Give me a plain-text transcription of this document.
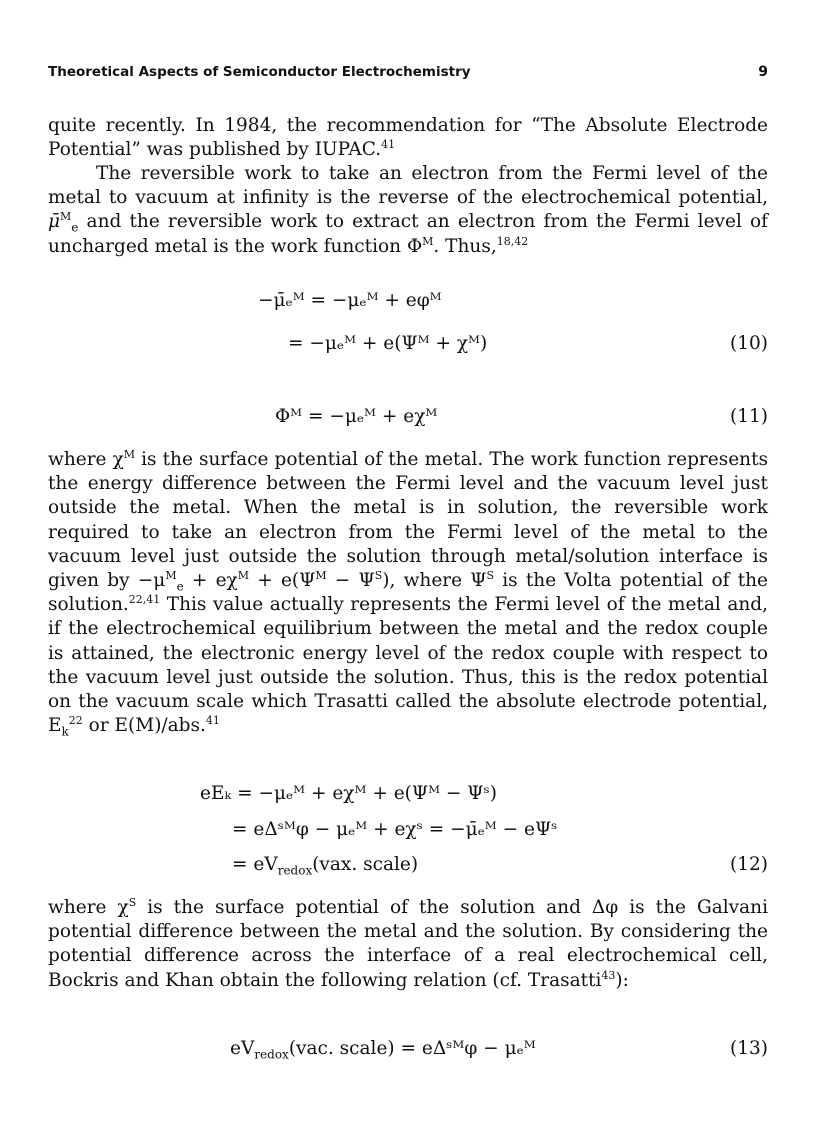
Theoretical Aspects of Semiconductor Electrochemistry	9
quite recently. In 1984, the recommendation for “The Absolute Electrode Potential” was published by IUPAC.$^{41}$
The reversible work to take an electron from the Fermi level of the metal to vacuum at infinity is the reverse of the electrochemical potential, μ̄$^M_e$ and the reversible work to extract an electron from the Fermi level of uncharged metal is the work function $\Phi^M$. Thus,$^{18,42}$
−μ̄ₑᴹ = −μₑᴹ + eφᴹ
= −μₑᴹ + e(Ψᴹ + χᴹ)	(10)
Φᴹ = −μₑᴹ + eχᴹ	(11)
where $\chi^M$ is the surface potential of the metal. The work function represents the energy difference between the Fermi level and the vacuum level just outside the metal. When the metal is in solution, the reversible work required to take an electron from the Fermi level of the metal to the vacuum level just outside the solution through metal/solution interface is given by $-\mu^M_e + e\chi^M + e(\Psi^M - \Psi^S)$, where $\Psi^S$ is the Volta potential of the solution.$^{22,41}$ This value actually represents the Fermi level of the metal and, if the electrochemical equilibrium between the metal and the redox couple is attained, the electronic energy level of the redox couple with respect to the vacuum level just outside the solution. Thus, this is the redox potential on the vacuum scale which Trasatti called the absolute electrode potential, $E_k^{22}$ or E(M)/abs.$^{41}$
eEₖ = −μₑᴹ + eχᴹ + e(Ψᴹ − Ψˢ)
= eΔˢᴹφ − μₑᴹ + eχˢ = −μ̄ₑᴹ − eΨˢ
= $eV_{redox}(vax$. scale)	(12)
where $\chi^S$ is the surface potential of the solution and Δφ is the Galvani potential difference between the metal and the solution. By considering the potential difference across the interface of a real electrochemical cell, Bockris and Khan obtain the following relation (cf. Trasatti$^{43}$):
$eV_{redox}(vac$. scale) = eΔˢᴹφ − μₑᴹ	(13)
